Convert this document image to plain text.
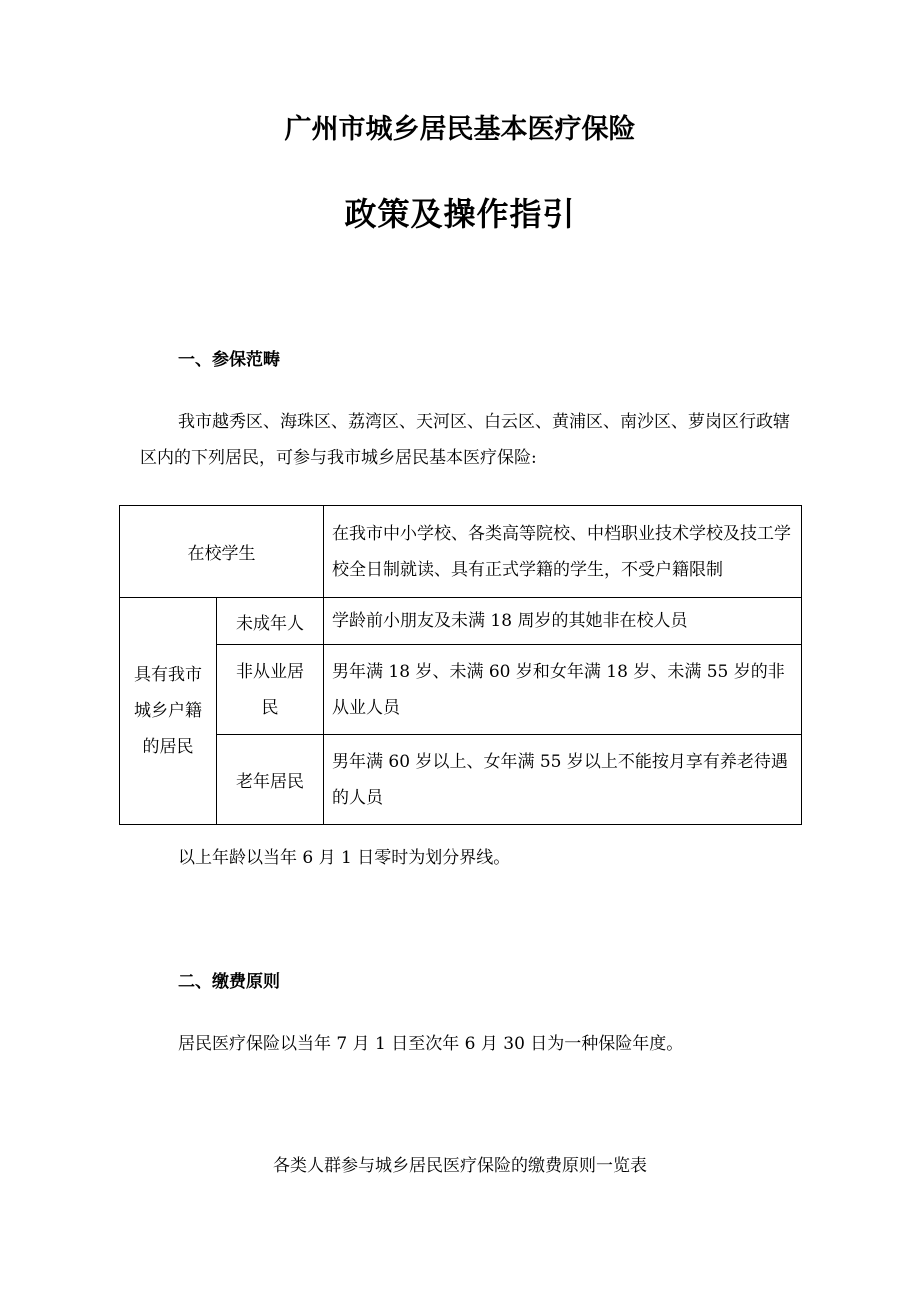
广州市城乡居民基本医疗保险
政策及操作指引
一、参保范畴
我市越秀区、海珠区、荔湾区、天河区、白云区、黄浦区、南沙区、萝岗区行政辖区内的下列居民，可参与我市城乡居民基本医疗保险:
在校学生		在我市中小学校、各类高等院校、中档职业技术学校及技工学校全日制就读、具有正式学籍的学生，不受户籍限制
具有我市城乡户籍的居民	未成年人	学龄前小朋友及未满 18 周岁的其她非在校人员
	非从业居民	男年满 18 岁、未满 60 岁和女年满 18 岁、未满 55 岁的非从业人员
	老年居民	男年满 60 岁以上、女年满 55 岁以上不能按月享有养老待遇的人员
以上年龄以当年 6 月 1 日零时为划分界线。
二、缴费原则
居民医疗保险以当年 7 月 1 日至次年 6 月 30 日为一种保险年度。
各类人群参与城乡居民医疗保险的缴费原则一览表
